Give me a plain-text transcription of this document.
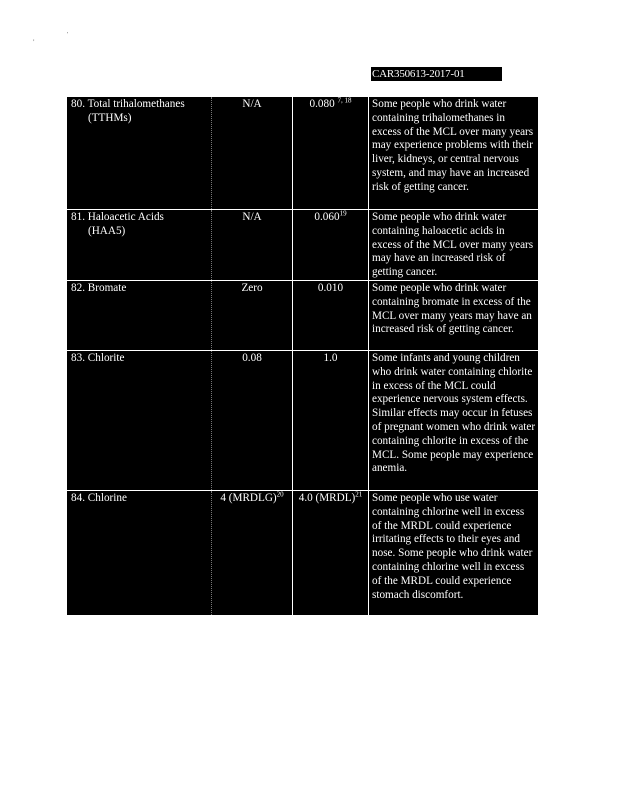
,
'
CAR350613-2017-01
80. Total trihalomethanes
(TTHMs)
N/A	0.080 $^{7, 18}$	Some people who drink water containing trihalomethanes in excess of the MCL over many years may experience problems with their liver, kidneys, or central nervous system, and may have an increased risk of getting cancer.
81. Haloacetic Acids
(HAA5)
N/A	0.060$^{19}$	Some people who drink water containing haloacetic acids in excess of the MCL over many years may have an increased risk of getting cancer.
82. Bromate	Zero	0.010	Some people who drink water containing bromate in excess of the MCL over many years may have an increased risk of getting cancer.
83. Chlorite	0.08	1.0	Some infants and young children who drink water containing chlorite in excess of the MCL could experience nervous system effects. Similar effects may occur in fetuses of pregnant women who drink water containing chlorite in excess of the MCL. Some people may experience anemia.
84. Chlorine	4 (MRDLG)$^{20}$	4.0 (MRDL)$^{21}$ Some people who use water containing chlorine well in excess of the MRDL could experience irritating effects to their eyes and nose. Some people who drink water containing chlorine well in excess of the MRDL could experience stomach discomfort.
